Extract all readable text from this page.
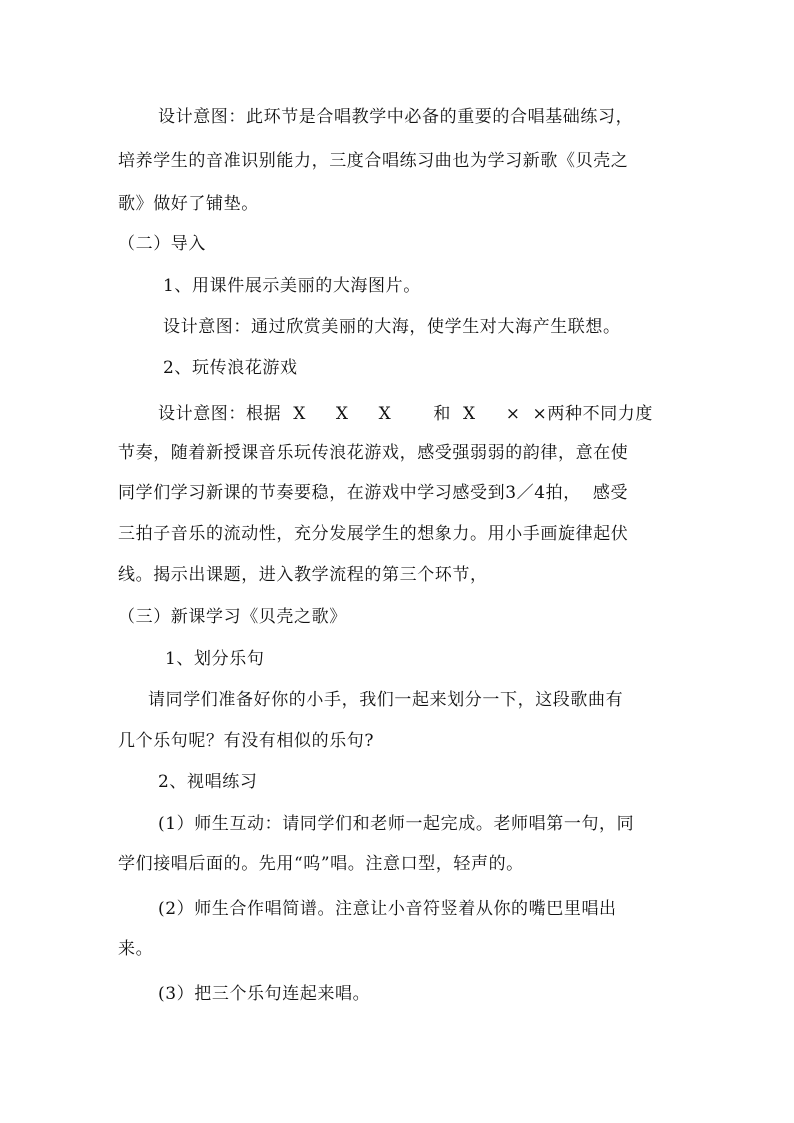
设计意图：此环节是合唱教学中必备的重要的合唱基础练习，
培养学生的音准识别能力，三度合唱练习曲也为学习新歌《贝壳之
歌》做好了铺垫。
（二）导入
1、用课件展示美丽的大海图片。
设计意图：通过欣赏美丽的大海，使学生对大海产生联想。
2、玩传浪花游戏
设计意图：根据  X     X     X       和  X     ×  ×两种不同力度
节奏，随着新授课音乐玩传浪花游戏，感受强弱弱的韵律，意在使
同学们学习新课的节奏要稳，在游戏中学习感受到3／4拍，  感受
三拍子音乐的流动性，充分发展学生的想象力。用小手画旋律起伏
线。揭示出课题，进入教学流程的第三个环节，
（三）新课学习《贝壳之歌》
1、划分乐句
请同学们准备好你的小手，我们一起来划分一下，这段歌曲有
几个乐句呢？有没有相似的乐句?
2、视唱练习
(1）师生互动：请同学们和老师一起完成。老师唱第一句，同
学们接唱后面的。先用“呜”唱。注意口型，轻声的。
(2）师生合作唱简谱。注意让小音符竖着从你的嘴巴里唱出
来。
(3）把三个乐句连起来唱。
